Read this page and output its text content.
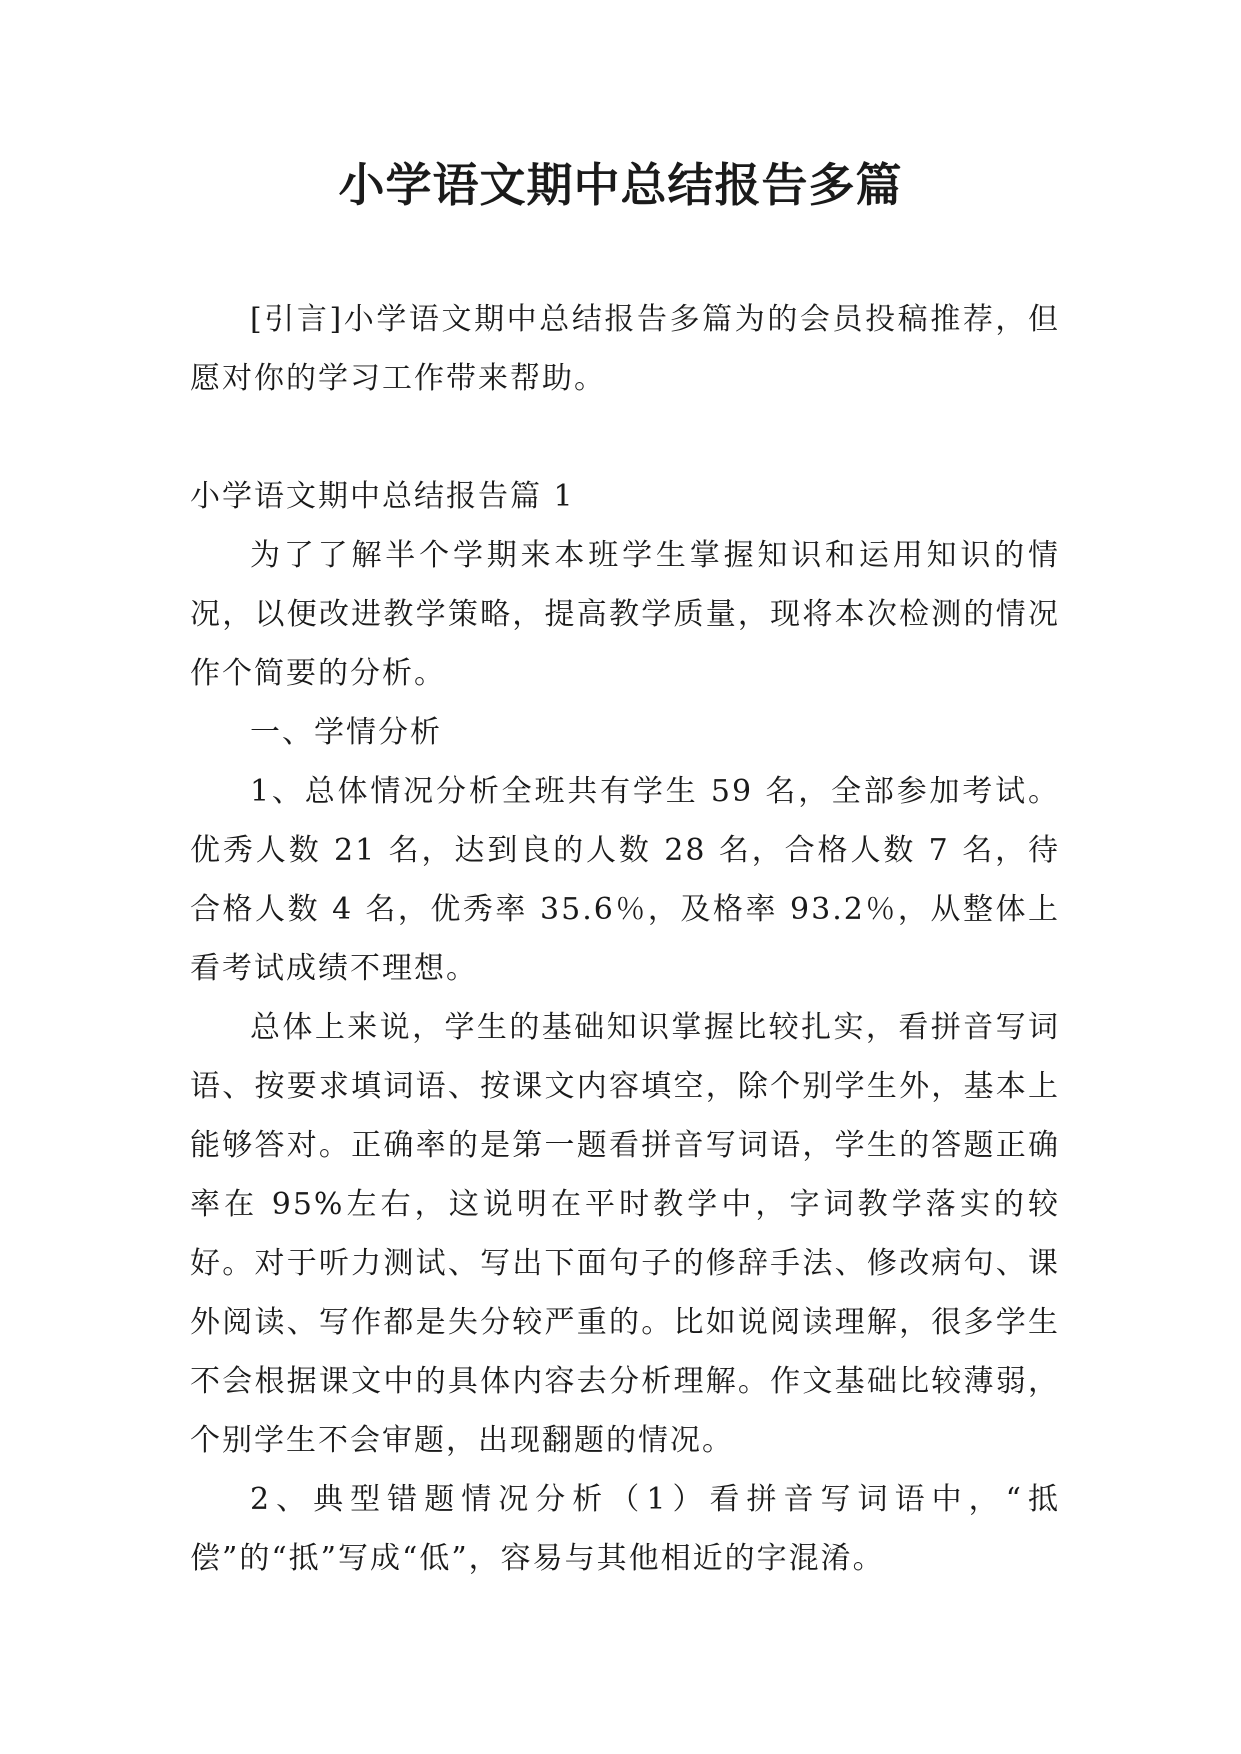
小学语文期中总结报告多篇

[引言]小学语文期中总结报告多篇为的会员投稿推荐，但愿对你的学习工作带来帮助。

小学语文期中总结报告篇 1

为了了解半个学期来本班学生掌握知识和运用知识的情况，以便改进教学策略，提高教学质量，现将本次检测的情况作个简要的分析。

一、学情分析

1、总体情况分析全班共有学生 59 名，全部参加考试。优秀人数 21 名，达到良的人数 28 名，合格人数 7 名，待合格人数 4 名，优秀率 35.6％，及格率 93.2％，从整体上看考试成绩不理想。

总体上来说，学生的基础知识掌握比较扎实，看拼音写词语、按要求填词语、按课文内容填空，除个别学生外，基本上能够答对。正确率的是第一题看拼音写词语，学生的答题正确率在 95%左右，这说明在平时教学中，字词教学落实的较好。对于听力测试、写出下面句子的修辞手法、修改病句、课外阅读、写作都是失分较严重的。比如说阅读理解，很多学生不会根据课文中的具体内容去分析理解。作文基础比较薄弱，个别学生不会审题，出现翻题的情况。

2、典型错题情况分析（1）看拼音写词语中，“抵偿”的“抵”写成“低”，容易与其他相近的字混淆。
